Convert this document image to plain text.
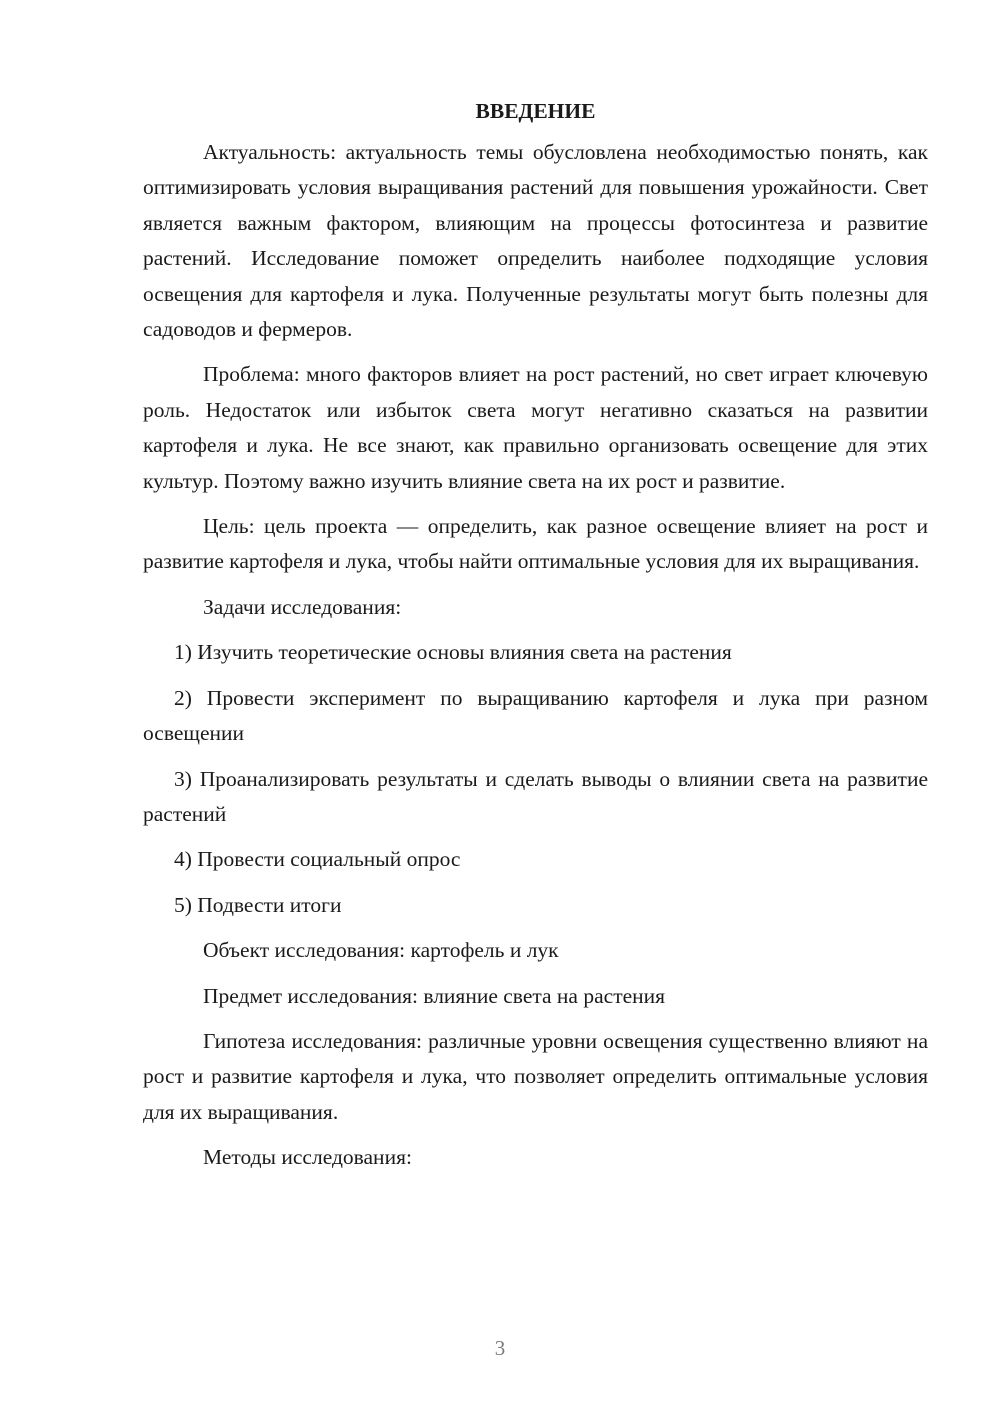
ВВЕДЕНИЕ

Актуальность: актуальность темы обусловлена необходимостью понять, как оптимизировать условия выращивания растений для повышения урожайности. Свет является важным фактором, влияющим на процессы фотосинтеза и развитие растений. Исследование поможет определить наиболее подходящие условия освещения для картофеля и лука. Полученные результаты могут быть полезны для садоводов и фермеров.

Проблема: много факторов влияет на рост растений, но свет играет ключевую роль. Недостаток или избыток света могут негативно сказаться на развитии картофеля и лука. Не все знают, как правильно организовать освещение для этих культур. Поэтому важно изучить влияние света на их рост и развитие.

Цель: цель проекта — определить, как разное освещение влияет на рост и развитие картофеля и лука, чтобы найти оптимальные условия для их выращивания.

Задачи исследования:

1) Изучить теоретические основы влияния света на растения

2) Провести эксперимент по выращиванию картофеля и лука при разном освещении

3) Проанализировать результаты и сделать выводы о влиянии света на развитие растений

4) Провести социальный опрос

5) Подвести итоги

Объект исследования: картофель и лук

Предмет исследования: влияние света на растения

Гипотеза исследования: различные уровни освещения существенно влияют на рост и развитие картофеля и лука, что позволяет определить оптимальные условия для их выращивания.

Методы исследования:

3
